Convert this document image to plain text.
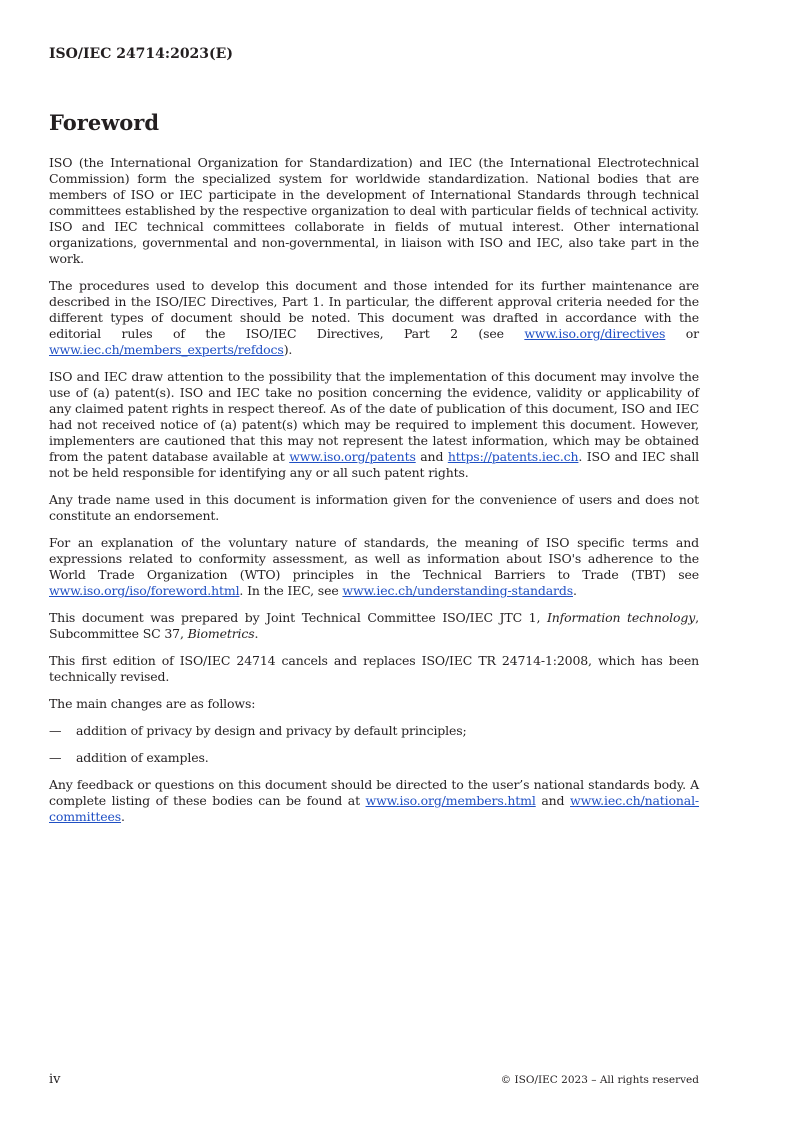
ISO/IEC 24714:2023(E)
Foreword

ISO (the International Organization for Standardization) and IEC (the International Electrotechnical Commission) form the specialized system for worldwide standardization. National bodies that are members of ISO or IEC participate in the development of International Standards through technical committees established by the respective organization to deal with particular fields of technical activity. ISO and IEC technical committees collaborate in fields of mutual interest. Other international organizations, governmental and non-governmental, in liaison with ISO and IEC, also take part in the work.

The procedures used to develop this document and those intended for its further maintenance are described in the ISO/IEC Directives, Part 1. In particular, the different approval criteria needed for the different types of document should be noted. This document was drafted in accordance with the editorial rules of the ISO/IEC Directives, Part 2 (see www.iso.org/directives or www.iec.ch/members_experts/refdocs).

ISO and IEC draw attention to the possibility that the implementation of this document may involve the use of (a) patent(s). ISO and IEC take no position concerning the evidence, validity or applicability of any claimed patent rights in respect thereof. As of the date of publication of this document, ISO and IEC had not received notice of (a) patent(s) which may be required to implement this document. However, implementers are cautioned that this may not represent the latest information, which may be obtained from the patent database available at www.iso.org/patents and https://patents.iec.ch. ISO and IEC shall not be held responsible for identifying any or all such patent rights.

Any trade name used in this document is information given for the convenience of users and does not constitute an endorsement.

For an explanation of the voluntary nature of standards, the meaning of ISO specific terms and expressions related to conformity assessment, as well as information about ISO's adherence to the World Trade Organization (WTO) principles in the Technical Barriers to Trade (TBT) see www.iso.org/iso/foreword.html. In the IEC, see www.iec.ch/understanding-standards.

This document was prepared by Joint Technical Committee ISO/IEC JTC 1, Information technology, Subcommittee SC 37, Biometrics.

This first edition of ISO/IEC 24714 cancels and replaces ISO/IEC TR 24714-1:2008, which has been technically revised.

The main changes are as follows:

— addition of privacy by design and privacy by default principles;

— addition of examples.

Any feedback or questions on this document should be directed to the user’s national standards body. A complete listing of these bodies can be found at www.iso.org/members.html and www.iec.ch/national-committees.

iv	© ISO/IEC 2023 – All rights reserved
